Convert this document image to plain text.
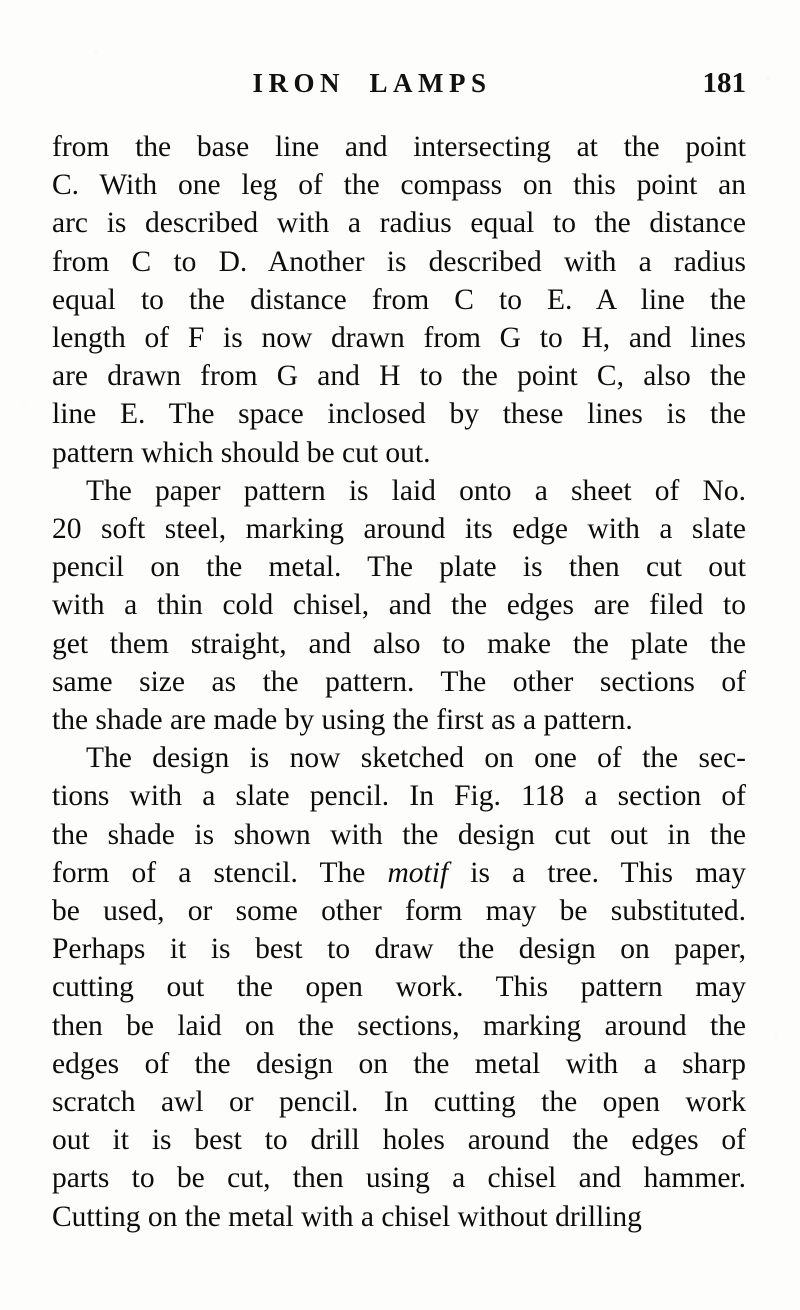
IRON  LAMPS	181
from the base line and intersecting at the point
C. With one leg of the compass on this point an
arc is described with a radius equal to the distance
from C to D. Another is described with a radius
equal to the distance from C to E. A line the
length of F is now drawn from G to H, and lines
are drawn from G and H to the point C, also the
line E. The space inclosed by these lines is the
pattern which should be cut out.
The paper pattern is laid onto a sheet of No.
20 soft steel, marking around its edge with a slate
pencil on the metal. The plate is then cut out
with a thin cold chisel, and the edges are filed to
get them straight, and also to make the plate the
same size as the pattern. The other sections of
the shade are made by using the first as a pattern.
The design is now sketched on one of the sec-
tions with a slate pencil. In Fig. 118 a section of
the shade is shown with the design cut out in the
form of a stencil. The motif is a tree. This may
be used, or some other form may be substituted.
Perhaps it is best to draw the design on paper,
cutting out the open work. This pattern may
then be laid on the sections, marking around the
edges of the design on the metal with a sharp
scratch awl or pencil. In cutting the open work
out it is best to drill holes around the edges of
parts to be cut, then using a chisel and hammer.
Cutting on the metal with a chisel without drilling
